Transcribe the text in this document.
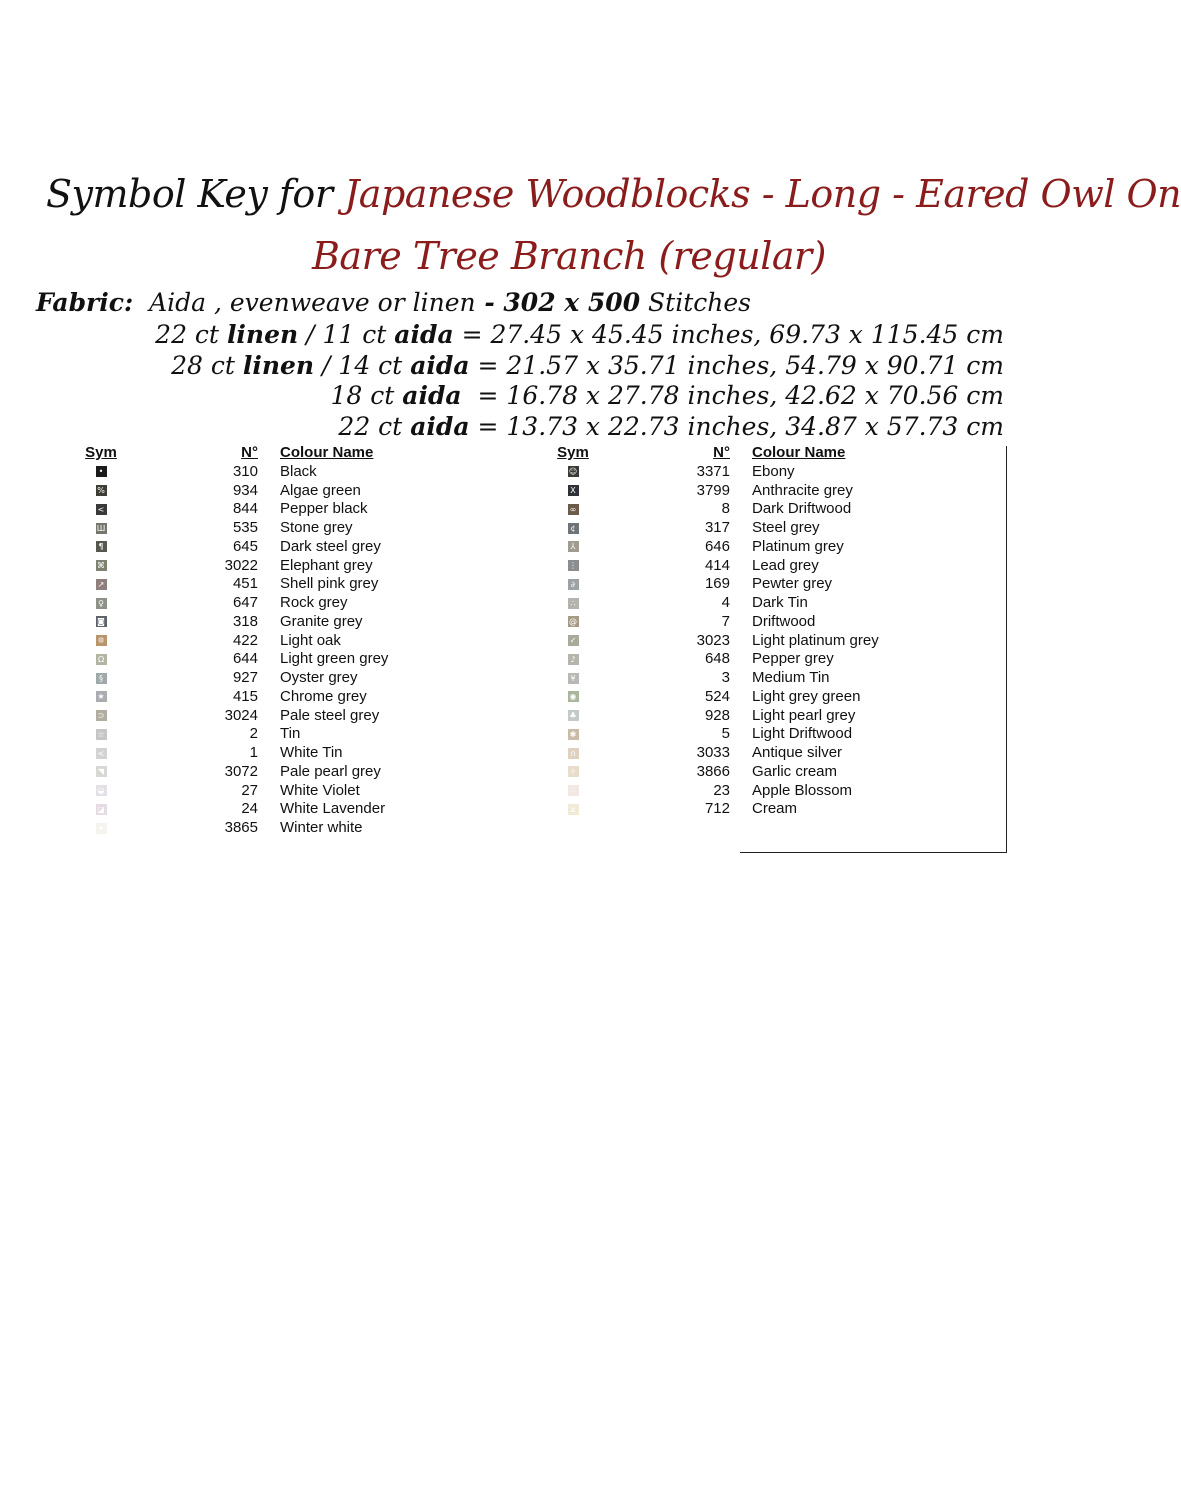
Symbol Key for Japanese Woodblocks - Long - Eared Owl On
Bare Tree Branch (regular)
Fabric: Aida , evenweave or linen - 302 x 500 Stitches
22 ct linen / 11 ct aida = 27.45 x 45.45 inches, 69.73 x 115.45 cm
28 ct linen / 14 ct aida = 21.57 x 35.71 inches, 54.79 x 90.71 cm
18 ct aida  = 16.78 x 27.78 inches, 42.62 x 70.56 cm
22 ct aida = 13.73 x 22.73 inches, 34.87 x 57.73 cm
Sym	N° Colour Name
•	310 Black
%	934 Algae green
<	844 Pepper black
Ш	535 Stone grey
¶	645 Dark steel grey
⌘	3022 Elephant grey
↗	451 Shell pink grey
♀	647 Rock grey
◙	318 Granite grey
❊	422 Light oak
Ω	644 Light green grey
§	927 Oyster grey
★	415 Chrome grey
⊃	3024 Pale steel grey
☆	2 Tin
<	1 White Tin
◥	3072 Pale pearl grey
◒	27 White Violet
◪	24 White Lavender
✦	3865 Winter white
Sym	N° Colour Name
☺	3371 Ebony
X	3799 Anthracite grey
∞	8 Dark Driftwood
¢	317 Steel grey
⅄	646 Platinum grey
⋮	414 Lead grey
∂	169 Pewter grey
∴	4 Dark Tin
@	7 Driftwood
✓	3023 Light platinum grey
♪	648 Pepper grey
¥	3 Medium Tin
◉	524 Light grey green
♣	928 Light pearl grey
✱	5 Light Driftwood
∩	3033 Antique silver
✧	3866 Garlic cream
∷	23 Apple Blossom
ϫ	712 Cream
